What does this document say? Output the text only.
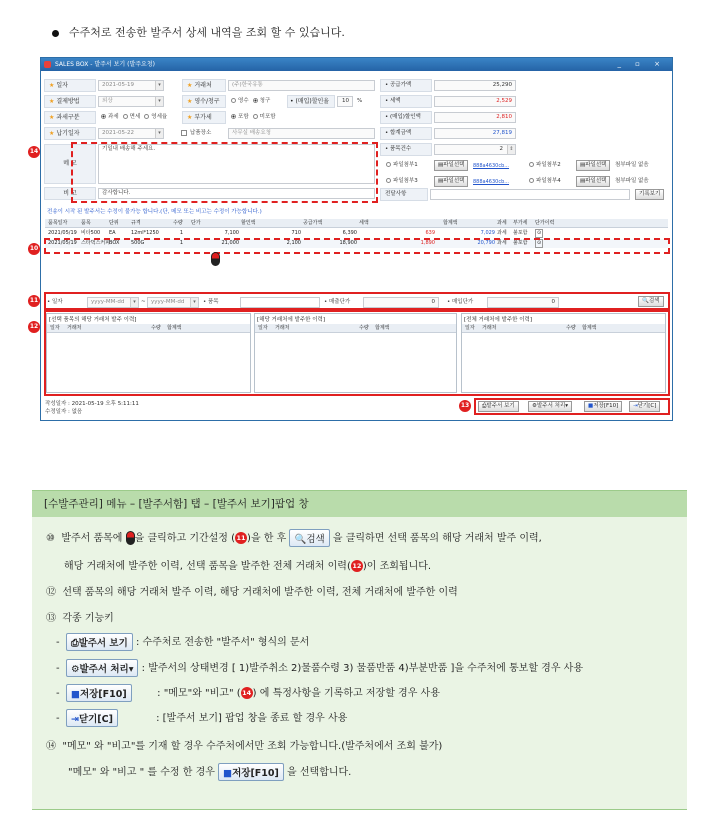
수주처로 전송한 발주서 상세 내역을 조회 할 수 있습니다.
SALES BOX - 발주서 보기 (발주요청)	_ ▫ ×
★ 일자	2021-05-19	▾	★ 거래처	(주)한국유통
★ 결제방법	외상	▾	★ 영수/청구	영수 청구	• (매입)할인율	10	%
★ 과세구분	과세 면세 영세율	★ 부가세	포함 미포함
★ 납기일자	2021-05-22	▾	납품장소	사무실 배송요청
메 모
기일내 배송해 주세요.
비 고	감사합니다.
• 공급가액	25,290
• 세액	2,529
• (매입)할인액	2,810
• 합계금액	27,819
• 품목건수	2	⇕
파일첨부1	▤파일선택	888a4630cb...	파일첨부2	▤파일선택	첨부파일 없음
파일첨부3	▤파일선택	888a4630cb...	파일첨부4	▤파일선택	첨부파일 없음
전달사항	기록보기
전송이 시작 된 발주서는 수정이 불가능 합니다.(단, 메모 또는 비고는 수정이 가능합니다.)
품목일자	품목	단위 규격	수량 단가	할인액	공급가액	세액	합계액	과세 부가세 단가이력
2021/05/19 비타500 EA	12ml*1250	1	7,100	710	6,390	639	7,029 과세 불포함	⊙
2021/05/19 스타벅스커피 BOX 500G	1	21,000	2,100	18,900	1,890	20,790 과세 불포함	⊙
• 일자	yyyy-MM-dd	▾ ~ yyyy-MM-dd	▾	• 품목	• 매출단가	0	• 매입단가	0	🔍검색
[선택 품목의 해당 거래처 발주 이력]
일자 거래처	수량 합계액
[해당 거래처에 발주한 이력]
일자 거래처	수량 합계액
[전체 거래처에 발주한 이력]
일자 거래처	수량 합계액
작성일자 : 2021-05-19 오후 5:11:11
수정일자 : 없음
⎙발주서 보기	⚙발주서 처리▾	■저장[F10]	⇥닫기[C]
14
10
11
12
13
[수발주관리] 메뉴 – [발주서함] 탭 – [발주서 보기]팝업 창
⑩ 발주서 품목에 을 클릭하고 기간설정 (11)을 한 후 🔍검색 을 클릭하면 선택 품목의 해당 거래처 발주 이력,
해당 거래처에 발주한 이력, 선택 품목을 발주한 전체 거래처 이력(12)이 조회됩니다.
⑫ 선택 품목의 해당 거래처 발주 이력, 해당 거래처에 발주한 이력, 전체 거래처에 발주한 이력
⑬ 각종 기능키
- ⎙발주서 보기 : 수주처로 전송한 "발주서" 형식의 문서
- ⚙발주서 처리▾ : 발주서의 상태변경 [ 1)발주취소 2)물품수령 3) 물품반품 4)부분반품 ]을 수주처에 통보할 경우 사용
- ■저장[F10]	: "메모"와 "비고" (14) 에 특정사항을 기록하고 저장할 경우 사용
- ⇥닫기[C]	: [발주서 보기] 팝업 창을 종료 할 경우 사용
⑭ "메모" 와 "비고"를 기재 할 경우 수주처에서만 조회 가능합니다.(발주처에서 조회 불가)
"메모" 와 "비고 " 를 수정 한 경우 ■저장[F10] 을 선택합니다.
